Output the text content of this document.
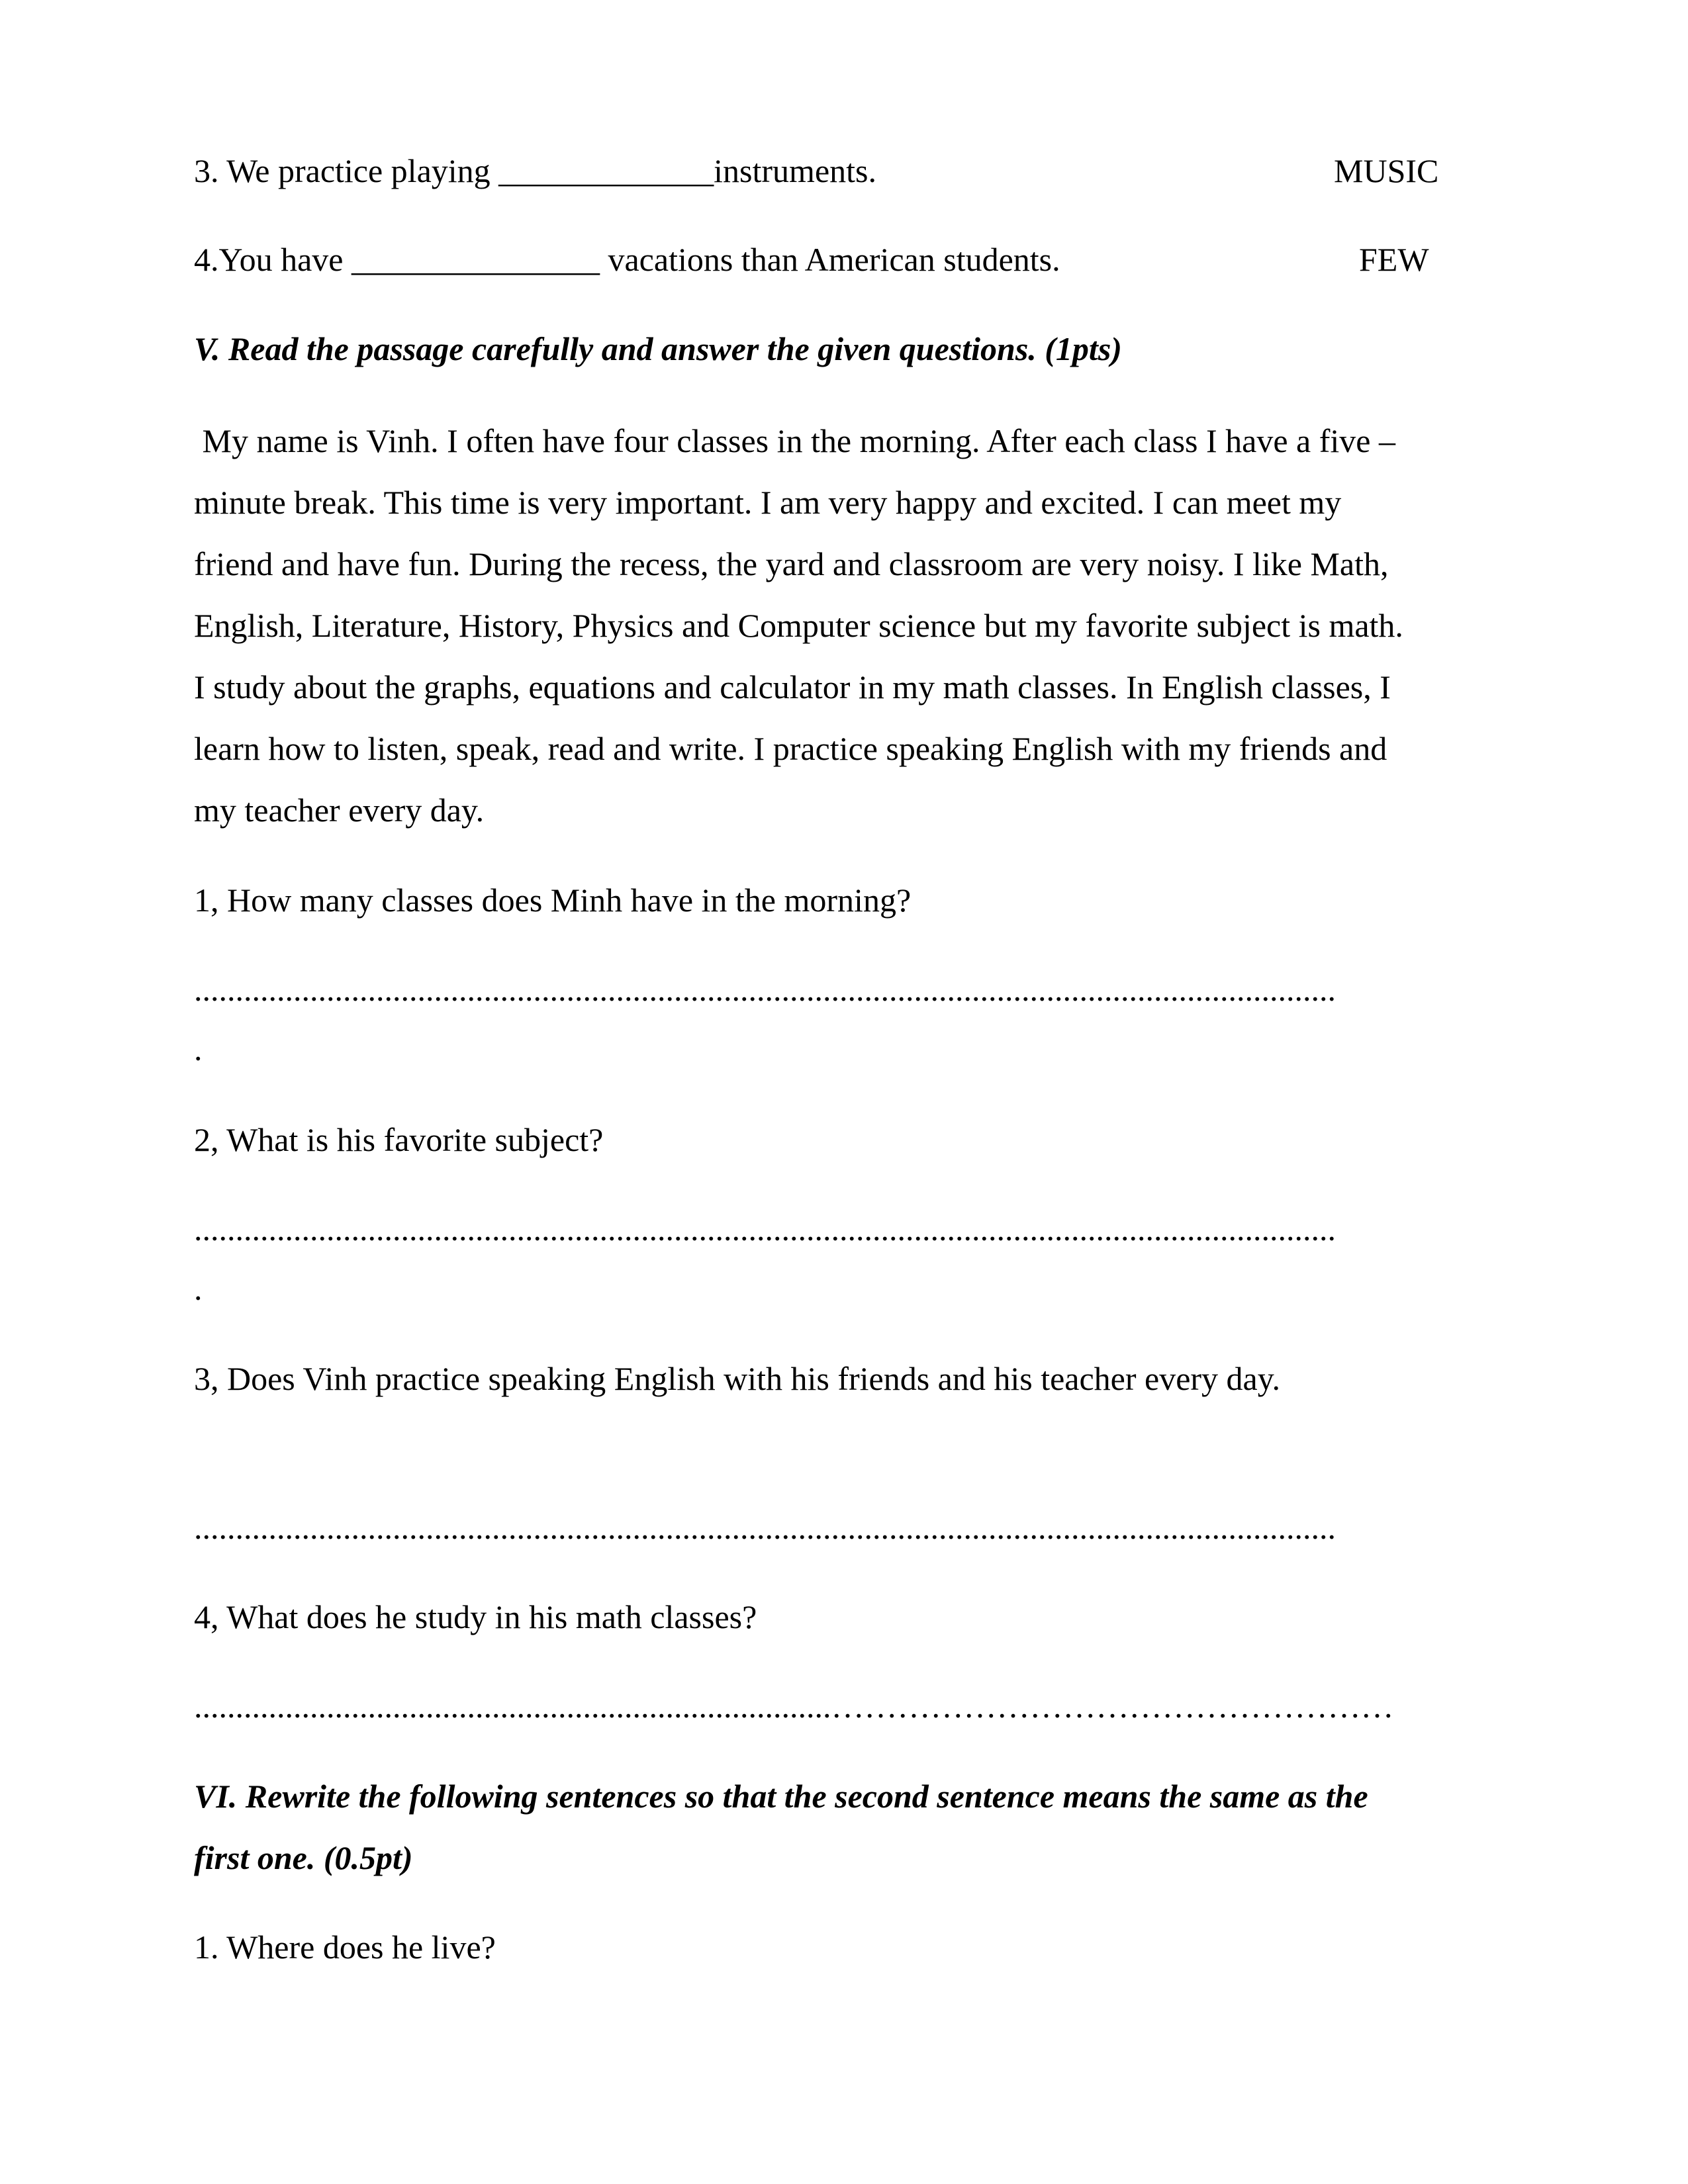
3. We practice playing _____________instruments.	MUSIC
4.You have _______________ vacations than American students.	FEW
V. Read the passage carefully and answer the given questions. (1pts)
My name is Vinh. I often have four classes in the morning. After each class I have a five –
minute break. This time is very important. I am very happy and excited. I can meet my
friend and have fun. During the recess, the yard and classroom are very noisy. I like Math,
English, Literature, History, Physics and Computer science but my favorite subject is math.
I study about the graphs, equations and calculator in my math classes. In English classes, I
learn how to listen, speak, read and write. I practice speaking English with my friends and
my teacher every day.
1, How many classes does Minh have in the morning?
..........................................................................................................................................
.
2, What is his favorite subject?
..........................................................................................................................................
.
3, Does Vinh practice speaking English with his friends and his teacher every day.
..........................................................................................................................................
4, What does he study in his math classes?
.............................................................................……………………………………………
VI. Rewrite the following sentences so that the second sentence means the same as the
first one. (0.5pt)
1. Where does he live?
